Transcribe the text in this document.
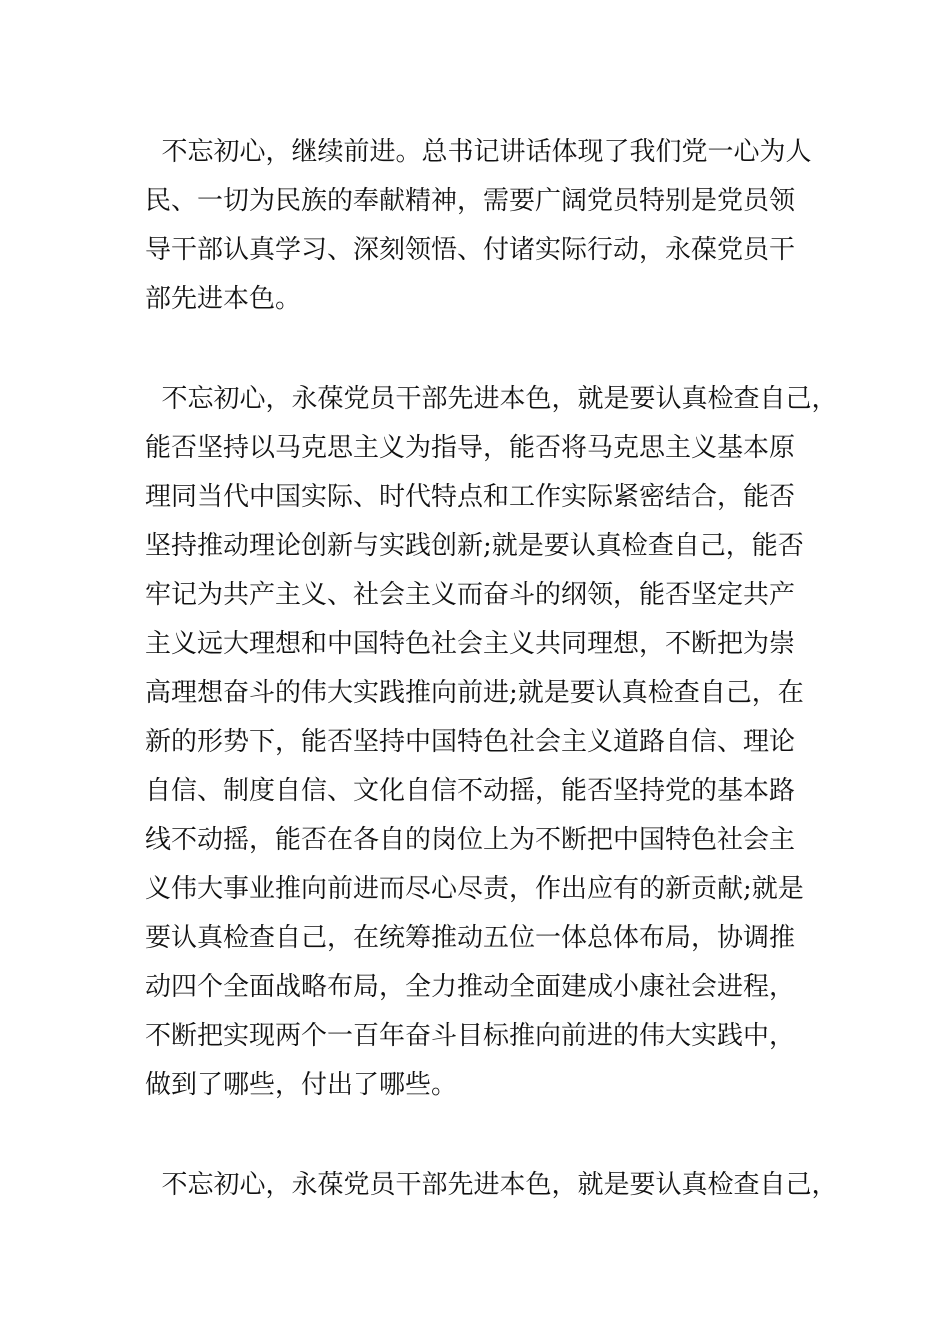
不忘初心，继续前进。总书记讲话体现了我们党一心为人
民、一切为民族的奉献精神，需要广阔党员特别是党员领
导干部认真学习、深刻领悟、付诸实际行动，永葆党员干
部先进本色。
不忘初心，永葆党员干部先进本色，就是要认真检查自己，
能否坚持以马克思主义为指导，能否将马克思主义基本原
理同当代中国实际、时代特点和工作实际紧密结合，能否
坚持推动理论创新与实践创新;就是要认真检查自己，能否
牢记为共产主义、社会主义而奋斗的纲领，能否坚定共产
主义远大理想和中国特色社会主义共同理想，不断把为崇
高理想奋斗的伟大实践推向前进;就是要认真检查自己，在
新的形势下，能否坚持中国特色社会主义道路自信、理论
自信、制度自信、文化自信不动摇，能否坚持党的基本路
线不动摇，能否在各自的岗位上为不断把中国特色社会主
义伟大事业推向前进而尽心尽责，作出应有的新贡献;就是
要认真检查自己，在统筹推动五位一体总体布局，协调推
动四个全面战略布局，全力推动全面建成小康社会进程，
不断把实现两个一百年奋斗目标推向前进的伟大实践中，
做到了哪些，付出了哪些。
不忘初心，永葆党员干部先进本色，就是要认真检查自己，
